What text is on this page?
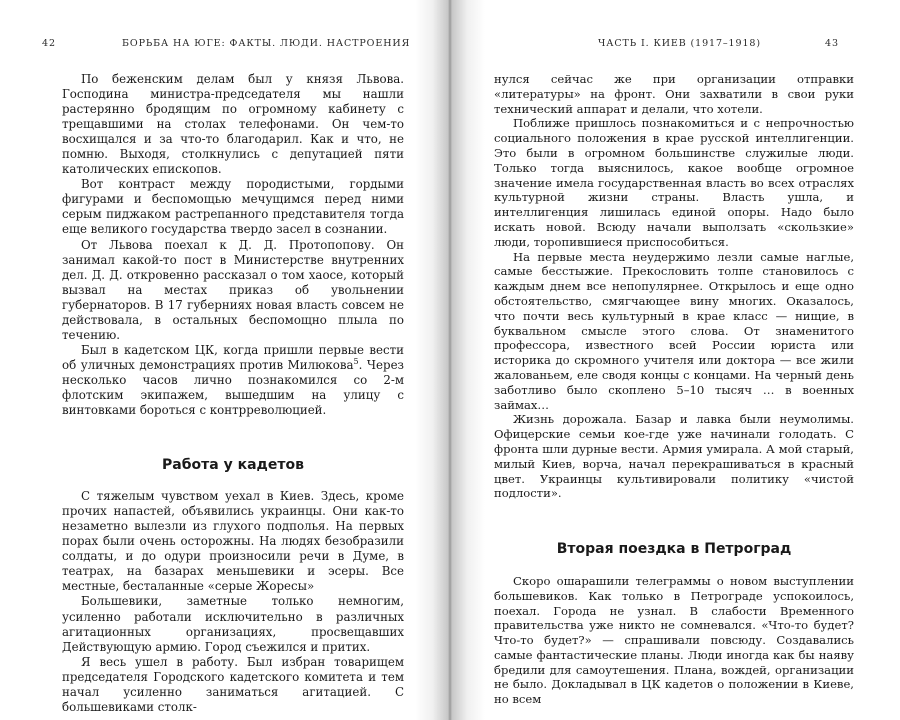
42	БОРЬБА НА ЮГЕ: ФАКТЫ. ЛЮДИ. НАСТРОЕНИЯ

По беженским делам был у князя Львова. Господина министра-председателя мы нашли растерянно бродящим по огромному кабинету с трещавшими на столах телефонами. Он чем-то восхищался и за что-то благодарил. Как и что, не помню. Выходя, столкнулись с депутацией пяти католических епископов.

Вот контраст между породистыми, гордыми фигурами и беспомощью мечущимся перед ними серым пиджаком растрепанного представителя тогда еще великого государства твердо засел в сознании.

От Львова поехал к Д. Д. Протопопову. Он занимал какой-то пост в Министерстве внутренних дел. Д. Д. откровенно рассказал о том хаосе, который вызвал на местах приказ об увольнении губернаторов. В 17 губерниях новая власть совсем не действовала, в остальных беспомощно плыла по течению.

Был в кадетском ЦК, когда пришли первые вести об уличных демонстрациях против Милюкова$^5$. Через несколько часов лично познакомился со 2-м флотским экипажем, вышедшим на улицу с винтовками бороться с контрреволюцией.

Работа у кадетов

С тяжелым чувством уехал в Киев. Здесь, кроме прочих напастей, объявились украинцы. Они как-то незаметно вылезли из глухого подполья. На первых порах были очень осторожны. На людях безобразили солдаты, и до одури произносили речи в Думе, в театрах, на базарах меньшевики и эсеры. Все местные, бесталанные «серые Жоресы»

Большевики, заметные только немногим, усиленно работали исключительно в различных агитационных организациях, просвещавших Действующую армию. Город съежился и притих.

Я весь ушел в работу. Был избран товарищем председателя Городского кадетского комитета и тем начал усиленно заниматься агитацией. С большевиками столк-

ЧАСТЬ I. КИЕВ (1917–1918)	43

нулся сейчас же при организации отправки «литературы» на фронт. Они захватили в свои руки технический аппарат и делали, что хотели.

Поближе пришлось познакомиться и с непрочностью социального положения в крае русской интеллигенции. Это были в огромном большинстве служилые люди. Только тогда выяснилось, какое вообще огромное значение имела государственная власть во всех отраслях культурной жизни страны. Власть ушла, и интеллигенция лишилась единой опоры. Надо было искать новой. Всюду начали выползать «скользкие» люди, торопившиеся приспособиться.

На первые места неудержимо лезли самые наглые, самые бесстыжие. Прекословить толпе становилось с каждым днем все непопулярнее. Открылось и еще одно обстоятельство, смягчающее вину многих. Оказалось, что почти весь культурный в крае класс — нищие, в буквальном смысле этого слова. От знаменитого профессора, известного всей России юриста или историка до скромного учителя или доктора — все жили жалованьем, еле сводя концы с концами. На черный день заботливо было скоплено 5–10 тысяч … в военных займах…

Жизнь дорожала. Базар и лавка были неумолимы. Офицерские семьи кое-где уже начинали голодать. С фронта шли дурные вести. Армия умирала. А мой старый, милый Киев, ворча, начал перекрашиваться в красный цвет. Украинцы культивировали политику «чистой подлости».

Вторая поездка в Петроград

Скоро ошарашили телеграммы о новом выступлении большевиков. Как только в Петрограде успокоилось, поехал. Города не узнал. В слабости Временного правительства уже никто не сомневался. «Что-то будет? Что-то будет?» — спрашивали повсюду. Создавались самые фантастические планы. Люди иногда как бы наяву бредили для самоутешения. Плана, вождей, организации не было. Докладывал в ЦК кадетов о положении в Киеве, но всем
